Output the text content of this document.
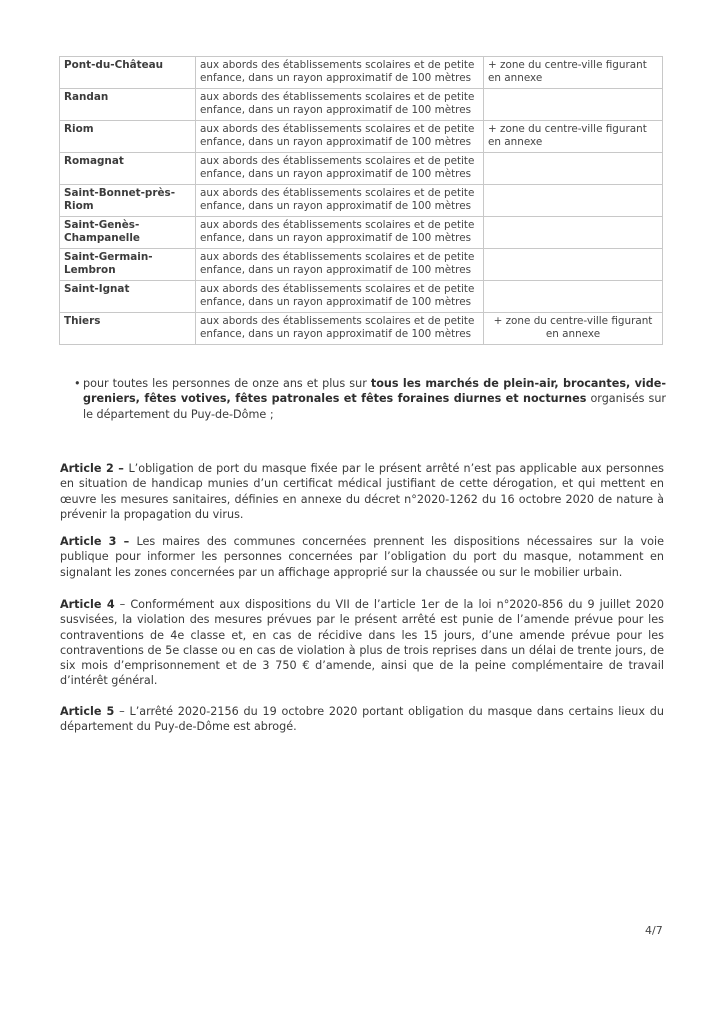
Pont-du-Château	aux abords des établissements scolaires et de petite enfance, dans un rayon approximatif de 100 mètres	+ zone du centre-ville figurant en annexe
Randan	aux abords des établissements scolaires et de petite enfance, dans un rayon approximatif de 100 mètres	
Riom	aux abords des établissements scolaires et de petite enfance, dans un rayon approximatif de 100 mètres	+ zone du centre-ville figurant en annexe
Romagnat	aux abords des établissements scolaires et de petite enfance, dans un rayon approximatif de 100 mètres	
Saint-Bonnet-près-Riom	aux abords des établissements scolaires et de petite enfance, dans un rayon approximatif de 100 mètres	
Saint-Genès-Champanelle	aux abords des établissements scolaires et de petite enfance, dans un rayon approximatif de 100 mètres	
Saint-Germain-Lembron	aux abords des établissements scolaires et de petite enfance, dans un rayon approximatif de 100 mètres	
Saint-Ignat	aux abords des établissements scolaires et de petite enfance, dans un rayon approximatif de 100 mètres	
Thiers	aux abords des établissements scolaires et de petite enfance, dans un rayon approximatif de 100 mètres	+ zone du centre-ville figurant en annexe
• pour toutes les personnes de onze ans et plus sur tous les marchés de plein-air, brocantes, vide-greniers, fêtes votives, fêtes patronales et fêtes foraines diurnes et nocturnes organisés sur le département du Puy-de-Dôme ;
Article 2 – L’obligation de port du masque fixée par le présent arrêté n’est pas applicable aux personnes en situation de handicap munies d’un certificat médical justifiant de cette dérogation, et qui mettent en œuvre les mesures sanitaires, définies en annexe du décret n°2020-1262 du 16 octobre 2020 de nature à prévenir la propagation du virus.
Article 3 – Les maires des communes concernées prennent les dispositions nécessaires sur la voie publique pour informer les personnes concernées par l’obligation du port du masque, notamment en signalant les zones concernées par un affichage approprié sur la chaussée ou sur le mobilier urbain.
Article 4 – Conformément aux dispositions du VII de l’article 1er de la loi n°2020-856 du 9 juillet 2020 susvisées, la violation des mesures prévues par le présent arrêté est punie de l’amende prévue pour les contraventions de 4e classe et, en cas de récidive dans les 15 jours, d’une amende prévue pour les contraventions de 5e classe ou en cas de violation à plus de trois reprises dans un délai de trente jours, de six mois d’emprisonnement et de 3 750 € d’amende, ainsi que de la peine complémentaire de travail d’intérêt général.
Article 5 – L’arrêté 2020-2156 du 19 octobre 2020 portant obligation du masque dans certains lieux du département du Puy-de-Dôme est abrogé.
4/7
